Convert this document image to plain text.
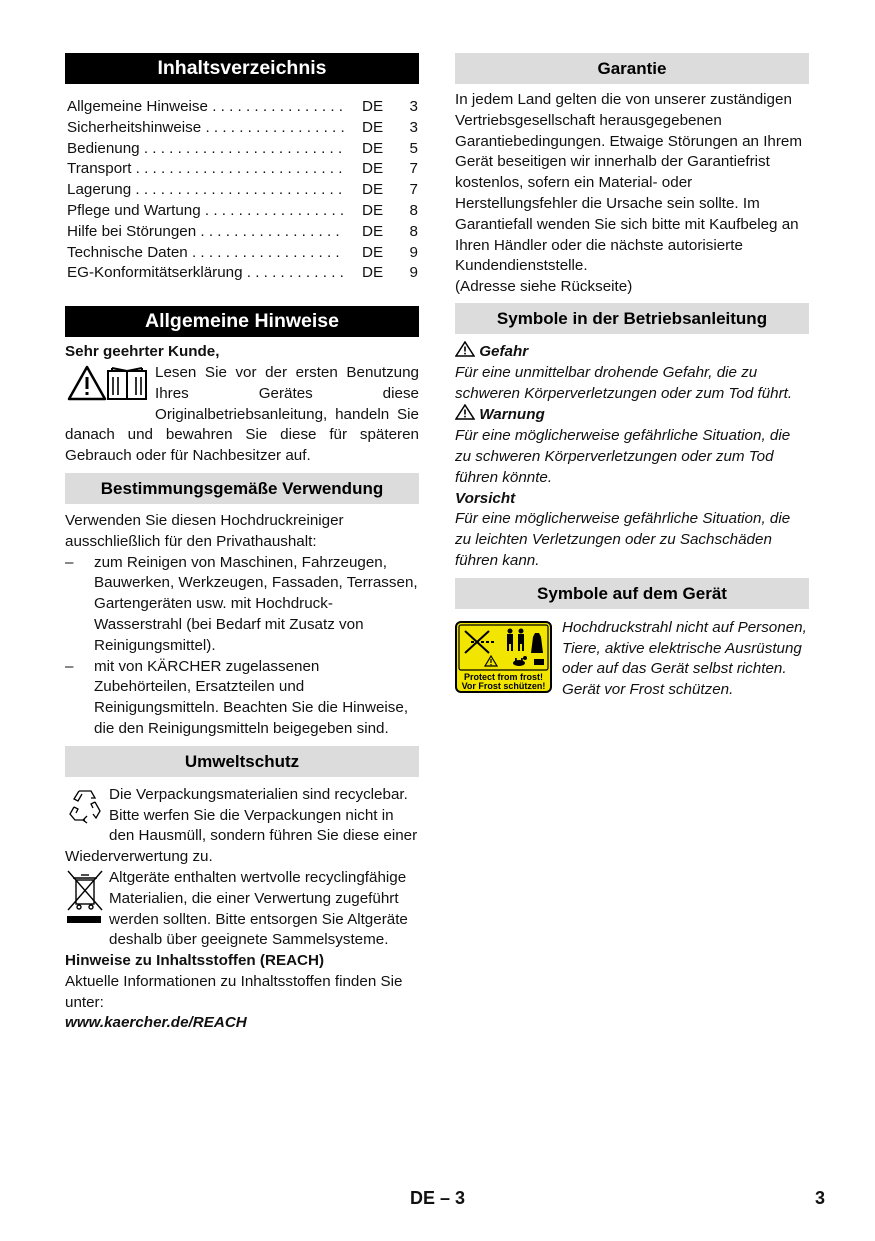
Inhaltsverzeichnis
Allgemeine Hinweise . . .	DE	3
Sicherheitshinweise . . .	DE	3
Bedienung . . .	DE	5
Transport . . .	DE	7
Lagerung . . .	DE	7
Pflege und Wartung . . .	DE	8
Hilfe bei Störungen . . .	DE	8
Technische Daten . . .	DE	9
EG-Konformitätserklärung . . .	DE	9
Allgemeine Hinweise

Sehr geehrter Kunde,

Lesen Sie vor der ersten Benutzung Ihres Gerätes diese Originalbetriebsanleitung, handeln Sie danach und bewahren Sie diese für späteren Gebrauch oder für Nachbesitzer auf.

Bestimmungsgemäße Verwendung

Verwenden Sie diesen Hochdruckreiniger ausschließlich für den Privathaushalt:

–	zum Reinigen von Maschinen, Fahrzeugen, Bauwerken, Werkzeugen, Fassaden, Terrassen, Gartengeräten usw. mit Hochdruck-Wasserstrahl (bei Bedarf mit Zusatz von Reinigungsmittel).
–	mit von KÄRCHER zugelassenen Zubehörteilen, Ersatzteilen und Reinigungsmitteln. Beachten Sie die Hinweise, die den Reinigungsmitteln beigegeben sind.
Umweltschutz

Die Verpackungsmaterialien sind recyclebar. Bitte werfen Sie die Verpackungen nicht in den Hausmüll, sondern führen Sie diese einer Wiederverwertung zu.

Altgeräte enthalten wertvolle recyclingfähige Materialien, die einer Verwertung zugeführt werden sollten. Bitte entsorgen Sie Altgeräte deshalb über geeignete Sammelsysteme.

Hinweise zu Inhaltsstoffen (REACH)

Aktuelle Informationen zu Inhaltsstoffen finden Sie unter:

www.kaercher.de/REACH

Garantie

In jedem Land gelten die von unserer zuständigen Vertriebsgesellschaft herausgegebenen Garantiebedingungen. Etwaige Störungen an Ihrem Gerät beseitigen wir innerhalb der Garantiefrist kostenlos, sofern ein Material- oder Herstellungsfehler die Ursache sein sollte. Im Garantiefall wenden Sie sich bitte mit Kaufbeleg an Ihren Händler oder die nächste autorisierte Kundendienststelle.

(Adresse siehe Rückseite)

Symbole in der Betriebsanleitung

Gefahr

Für eine unmittelbar drohende Gefahr, die zu schweren Körperverletzungen oder zum Tod führt.

Warnung

Für eine möglicherweise gefährliche Situation, die zu schweren Körperverletzungen oder zum Tod führen könnte.

Vorsicht

Für eine möglicherweise gefährliche Situation, die zu leichten Verletzungen oder zu Sachschäden führen kann.

Symbole auf dem Gerät
Protect from frost!
Vor Frost schützen!

Hochdruckstrahl nicht auf Personen, Tiere, aktive elektrische Ausrüstung oder auf das Gerät selbst richten. Gerät vor Frost schützen.

DE – 3	3
